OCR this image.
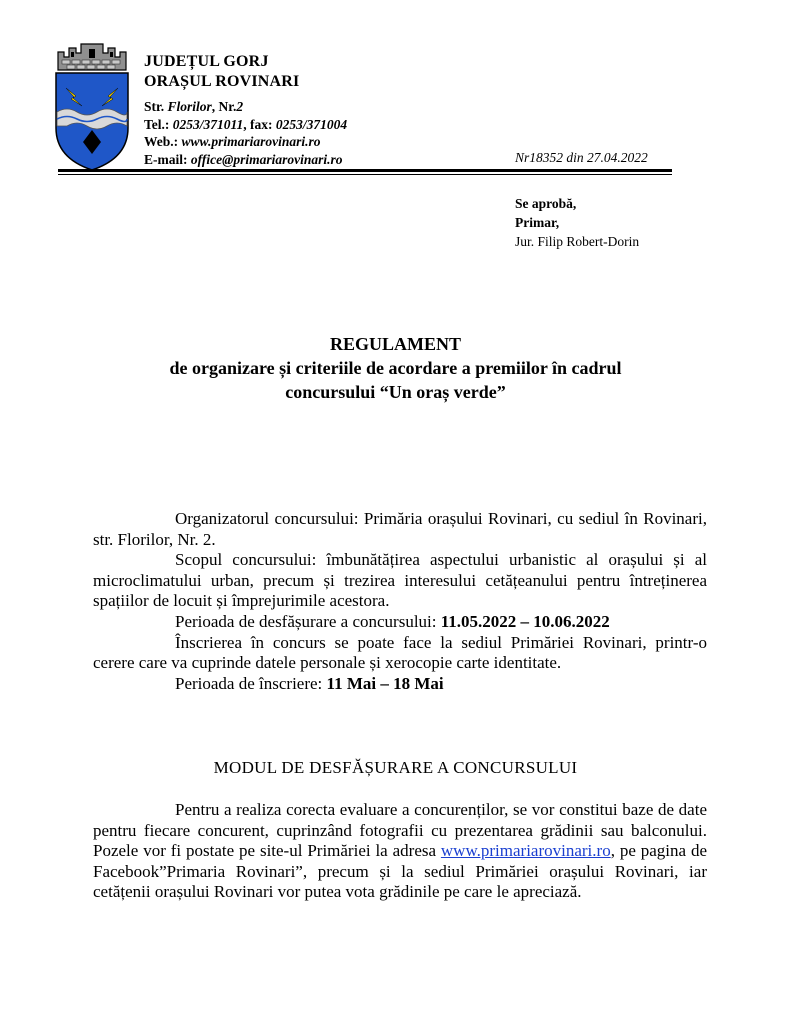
JUDEȚUL GORJ
ORAȘUL ROVINARI
Str. Florilor, Nr.2
Tel.: 0253/371011, fax: 0253/371004
Web.: www.primariarovinari.ro
E-mail: office@primariarovinari.ro	Nr18352 din 27.04.2022
Se aprobă,
Primar,
Jur. Filip Robert-Dorin
REGULAMENT
de organizare și criteriile de acordare a premiilor în cadrul
concursului “Un oraș verde”

Organizatorul concursului: Primăria orașului Rovinari, cu sediul în Rovinari, str. Florilor, Nr. 2.

Scopul concursului: îmbunătățirea aspectului urbanistic al orașului și al microclimatului urban, precum și trezirea interesului cetățeanului pentru întreținerea spațiilor de locuit și împrejurimile acestora.

Perioada de desfășurare a concursului: 11.05.2022 – 10.06.2022

Înscrierea în concurs se poate face la sediul Primăriei Rovinari, printr-o cerere care va cuprinde datele personale și xerocopie carte identitate.

Perioada de înscriere: 11 Mai – 18 Mai

MODUL DE DESFĂȘURARE A CONCURSULUI

Pentru a realiza corecta evaluare a concurenților, se vor constitui baze de date pentru fiecare concurent, cuprinzând fotografii cu prezentarea grădinii sau balconului. Pozele vor fi postate pe site-ul Primăriei la adresa www.primariarovinari.ro, pe pagina de Facebook”Primaria Rovinari”, precum și la sediul Primăriei orașului Rovinari, iar cetățenii orașului Rovinari vor putea vota grădinile pe care le apreciază.
